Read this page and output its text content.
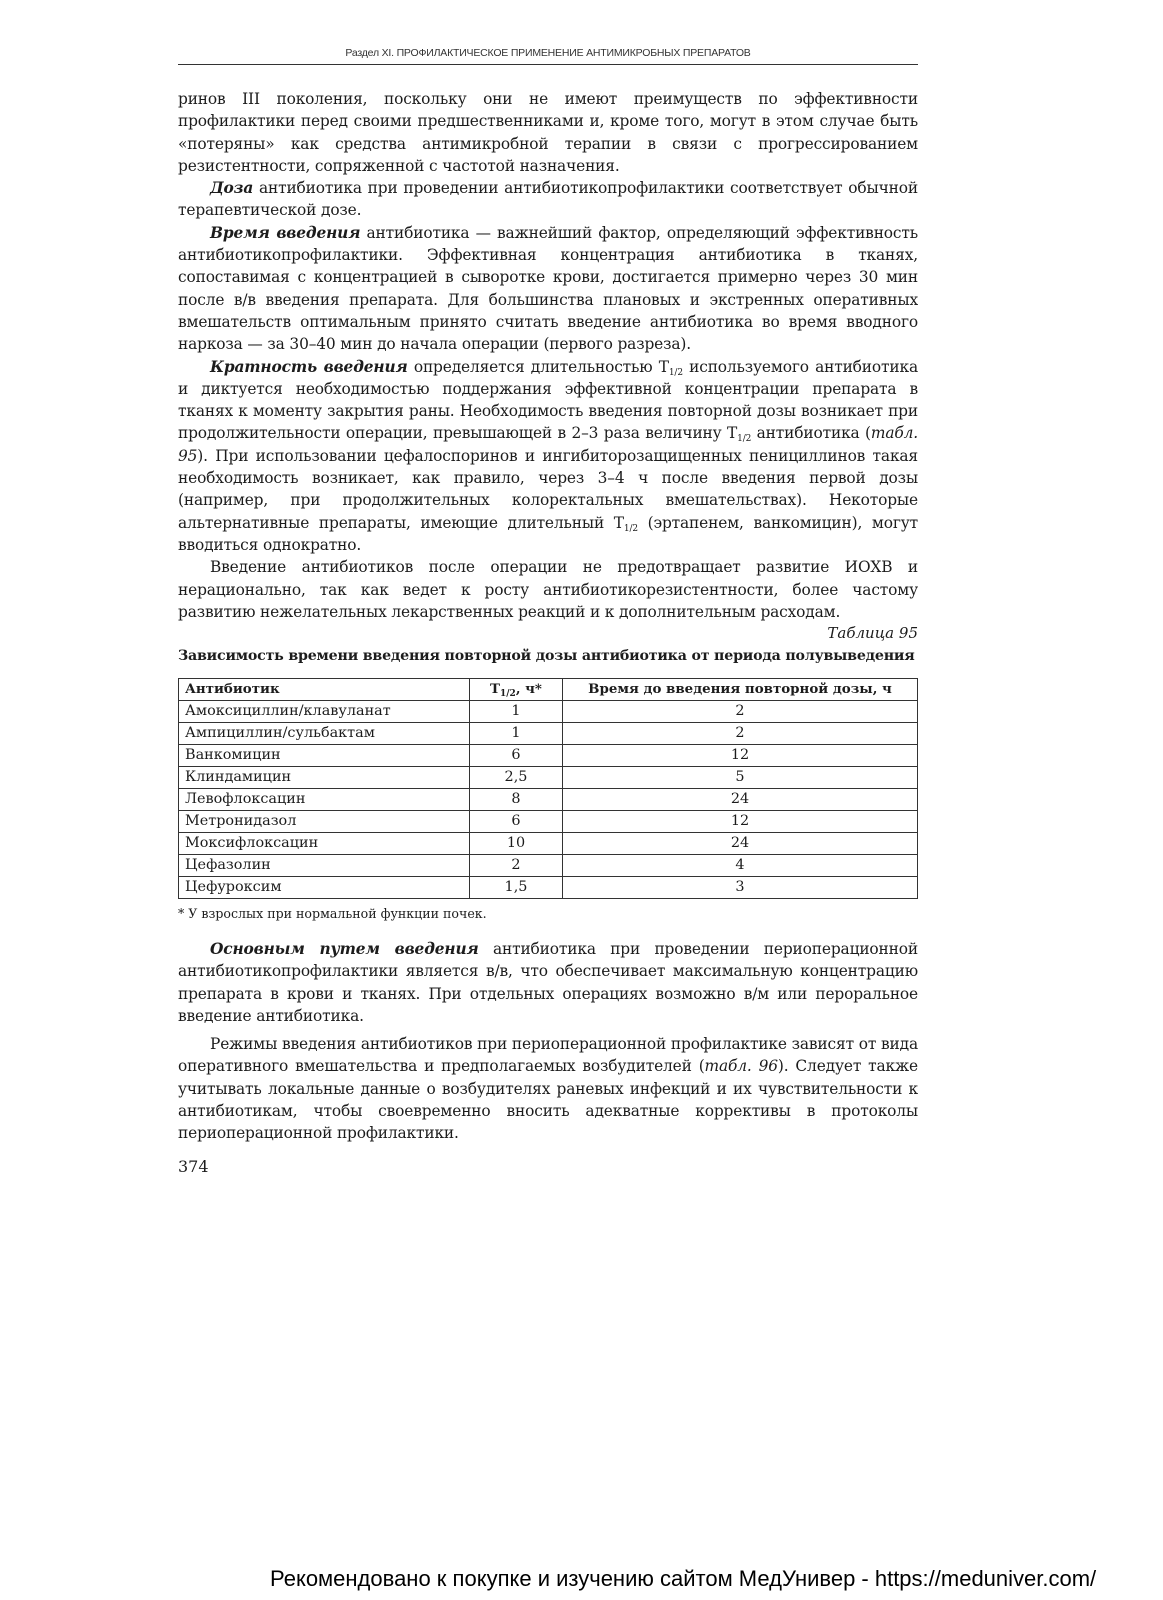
Раздел XI. ПРОФИЛАКТИЧЕСКОЕ ПРИМЕНЕНИЕ АНТИМИКРОБНЫХ ПРЕПАРАТОВ

ринов III поколения, поскольку они не имеют преимуществ по эффективности профилактики перед своими предшественниками и, кроме того, могут в этом случае быть «потеряны» как средства антимикробной терапии в связи с прогрессированием резистентности, сопряженной с частотой назначения.

Доза антибиотика при проведении антибиотикопрофилактики соответствует обычной терапевтической дозе.

Время введения антибиотика — важнейший фактор, определяющий эффективность антибиотикопрофилактики. Эффективная концентрация антибиотика в тканях, сопоставимая с концентрацией в сыворотке крови, достигается примерно через 30 мин после в/в введения препарата. Для большинства плановых и экстренных оперативных вмешательств оптимальным принято считать введение антибиотика во время вводного наркоза — за 30–40 мин до начала операции (первого разреза).

Кратность введения определяется длительностью $T_{1/2}$ используемого антибиотика и диктуется необходимостью поддержания эффективной концентрации препарата в тканях к моменту закрытия раны. Необходимость введения повторной дозы возникает при продолжительности операции, превышающей в 2–3 раза величину $T_{1/2}$ антибиотика (табл. 95). При использовании цефалоспоринов и ингибиторозащищенных пенициллинов такая необходимость возникает, как правило, через 3–4 ч после введения первой дозы (например, при продолжительных колоректальных вмешательствах). Некоторые альтернативные препараты, имеющие длительный $T_{1/2}$ (эртапенем, ванкомицин), могут вводиться однократно.

Введение антибиотиков после операции не предотвращает развитие ИОХВ и нерационально, так как ведет к росту антибиотикорезистентности, более частому развитию нежелательных лекарственных реакций и к дополнительным расходам.

Таблица 95
Зависимость времени введения повторной дозы антибиотика от периода полувыведения
Антибиотик	$T_{1/2}$, ч*	Время до введения повторной дозы, ч
Амоксициллин/клавуланат	1	2
Ампициллин/сульбактам	1	2
Ванкомицин	6	12
Клиндамицин	2,5	5
Левофлоксацин	8	24
Метронидазол	6	12
Моксифлоксацин	10	24
Цефазолин	2	4
Цефуроксим	1,5	3
* У взрослых при нормальной функции почек.

Основным путем введения антибиотика при проведении периоперационной антибиотикопрофилактики является в/в, что обеспечивает максимальную концентрацию препарата в крови и тканях. При отдельных операциях возможно в/м или пероральное введение антибиотика.

Режимы введения антибиотиков при периоперационной профилактике зависят от вида оперативного вмешательства и предполагаемых возбудителей (табл. 96). Следует также учитывать локальные данные о возбудителях раневых инфекций и их чувствительности к антибиотикам, чтобы своевременно вносить адекватные коррективы в протоколы периоперационной профилактики.

374
Рекомендовано к покупке и изучению сайтом МедУнивер - https://meduniver.com/
